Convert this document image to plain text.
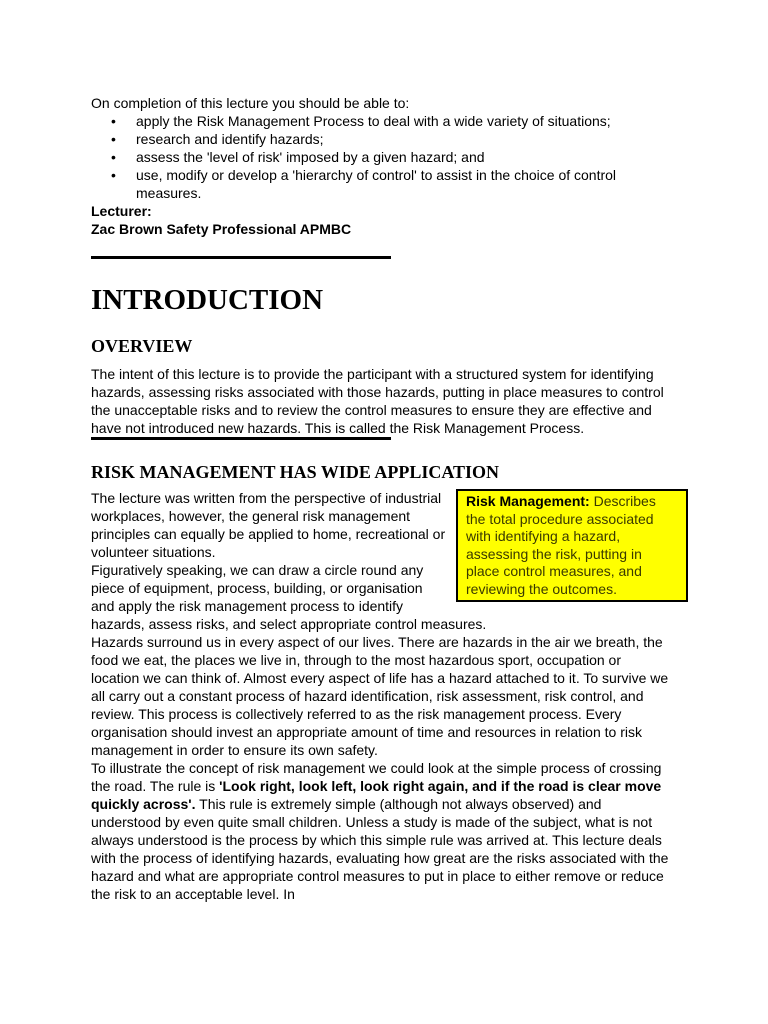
On completion of this lecture you should be able to:

• apply the Risk Management Process to deal with a wide variety of situations;
• research and identify hazards;
• assess the 'level of risk' imposed by a given hazard; and
• use, modify or develop a 'hierarchy of control' to assist in the choice of control measures.

Lecturer:

Zac Brown Safety Professional APMBC

INTRODUCTION
OVERVIEW

The intent of this lecture is to provide the participant with a structured system for identifying hazards, assessing risks associated with those hazards, putting in place measures to control the unacceptable risks and to review the control measures to ensure they are effective and have not introduced new hazards. This is called the Risk Management Process.

RISK MANAGEMENT HAS WIDE APPLICATION
Risk Management: Describes the total procedure associated with identifying a hazard, assessing the risk, putting in place control measures, and reviewing the outcomes.

The lecture was written from the perspective of industrial workplaces, however, the general risk management principles can equally be applied to home, recreational or volunteer situations.

Figuratively speaking, we can draw a circle round any piece of equipment, process, building, or organisation and apply the risk management process to identify hazards, assess risks, and select appropriate control measures.

Hazards surround us in every aspect of our lives. There are hazards in the air we breath, the food we eat, the places we live in, through to the most hazardous sport, occupation or location we can think of. Almost every aspect of life has a hazard attached to it. To survive we all carry out a constant process of hazard identification, risk assessment, risk control, and review. This process is collectively referred to as the risk management process. Every organisation should invest an appropriate amount of time and resources in relation to risk management in order to ensure its own safety.

To illustrate the concept of risk management we could look at the simple process of crossing the road. The rule is 'Look right, look left, look right again, and if the road is clear move quickly across'. This rule is extremely simple (although not always observed) and understood by even quite small children. Unless a study is made of the subject, what is not always understood is the process by which this simple rule was arrived at. This lecture deals with the process of identifying hazards, evaluating how great are the risks associated with the hazard and what are appropriate control measures to put in place to either remove or reduce the risk to an acceptable level. In
